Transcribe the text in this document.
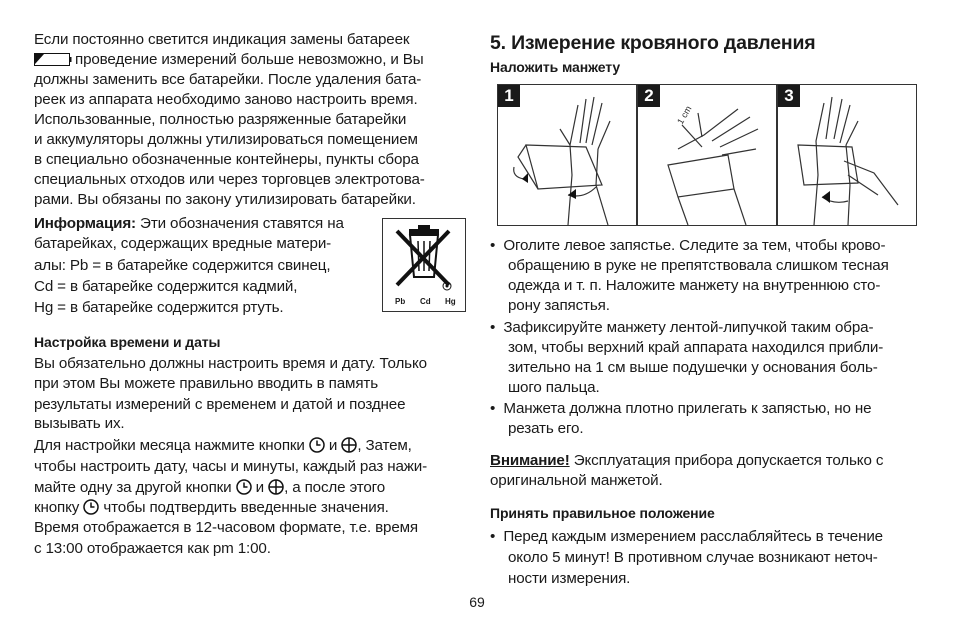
Если постоянно светится индикация замены батареек
проведение измерений больше невозможно, и Вы
должны заменить все батарейки. После удаления бата-
реек из аппарата необходимо заново настроить время.
Использованные, полностью разряженные батарейки
и аккумуляторы должны утилизироваться помещением
в специально обозначенные контейнеры, пункты сбора
специальных отходов или через торговцев электротова-
рами. Вы обязаны по закону утилизировать батарейки.
Информация: Эти обозначения ставятся на
батарейках, содержащих вредные матери-
алы: Pb = в батарейке содержится свинец,
Cd = в батарейке содержится кадмий,
Hg = в батарейке содержится ртуть.
Настройка времени и даты
Вы обязательно должны настроить время и дату. Только
при этом Вы можете правильно вводить в память
результаты измерений с временем и датой и позднее
вызывать их.
Для настройки месяца нажмите кнопки и , Затем,
чтобы настроить дату, часы и минуты, каждый раз нажи-
майте одну за другой кнопки и , а после этого
кнопку чтобы подтвердить введенные значения.
Время отображается в 12-часовом формате, т.е. время
с 13:00 отображается как pm 1:00.
Pb Cd Hg
5. Измерение кровяного давления
Наложить манжету
•  Оголите левое запястье. Следите за тем, чтобы крово-
обращению в руке не препятствовала слишком тесная
одежда и т. п. Наложите манжету на внутреннюю сто-
рону запястья.
•  Зафиксируйте манжету лентой-липучкой таким обра-
зом, чтобы верхний край аппарата находился прибли-
зительно на 1 см выше подушечки у основания боль-
шого пальца.
•  Манжета должна плотно прилегать к запястью, но не
резать его.
Внимание! Эксплуатация прибора допускается только с
оригинальной манжетой.
Принять правильное положение
•  Перед каждым измерением расслабляйтесь в течение
около 5 минут! В противном случае возникают неточ-
ности измерения.
1	2
1 cm
3
69
